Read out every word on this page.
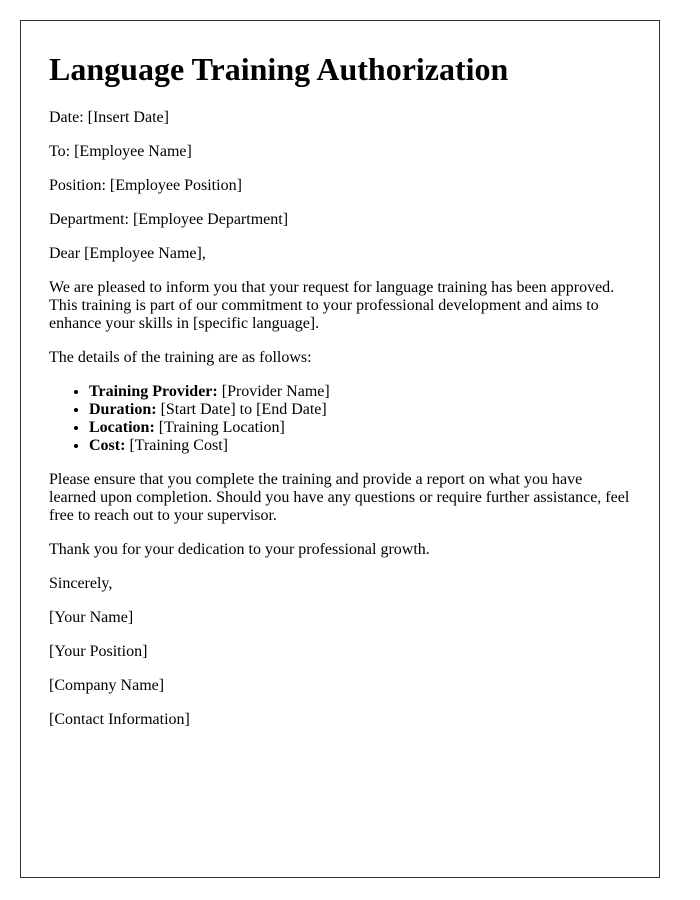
Language Training Authorization

Date: [Insert Date]

To: [Employee Name]

Position: [Employee Position]

Department: [Employee Department]

Dear [Employee Name],

We are pleased to inform you that your request for language training has been approved. This training is part of our commitment to your professional development and aims to enhance your skills in [specific language].

The details of the training are as follows:

• Training Provider: [Provider Name]
• Duration: [Start Date] to [End Date]
• Location: [Training Location]
• Cost: [Training Cost]

Please ensure that you complete the training and provide a report on what you have learned upon completion. Should you have any questions or require further assistance, feel free to reach out to your supervisor.

Thank you for your dedication to your professional growth.

Sincerely,

[Your Name]

[Your Position]

[Company Name]

[Contact Information]
